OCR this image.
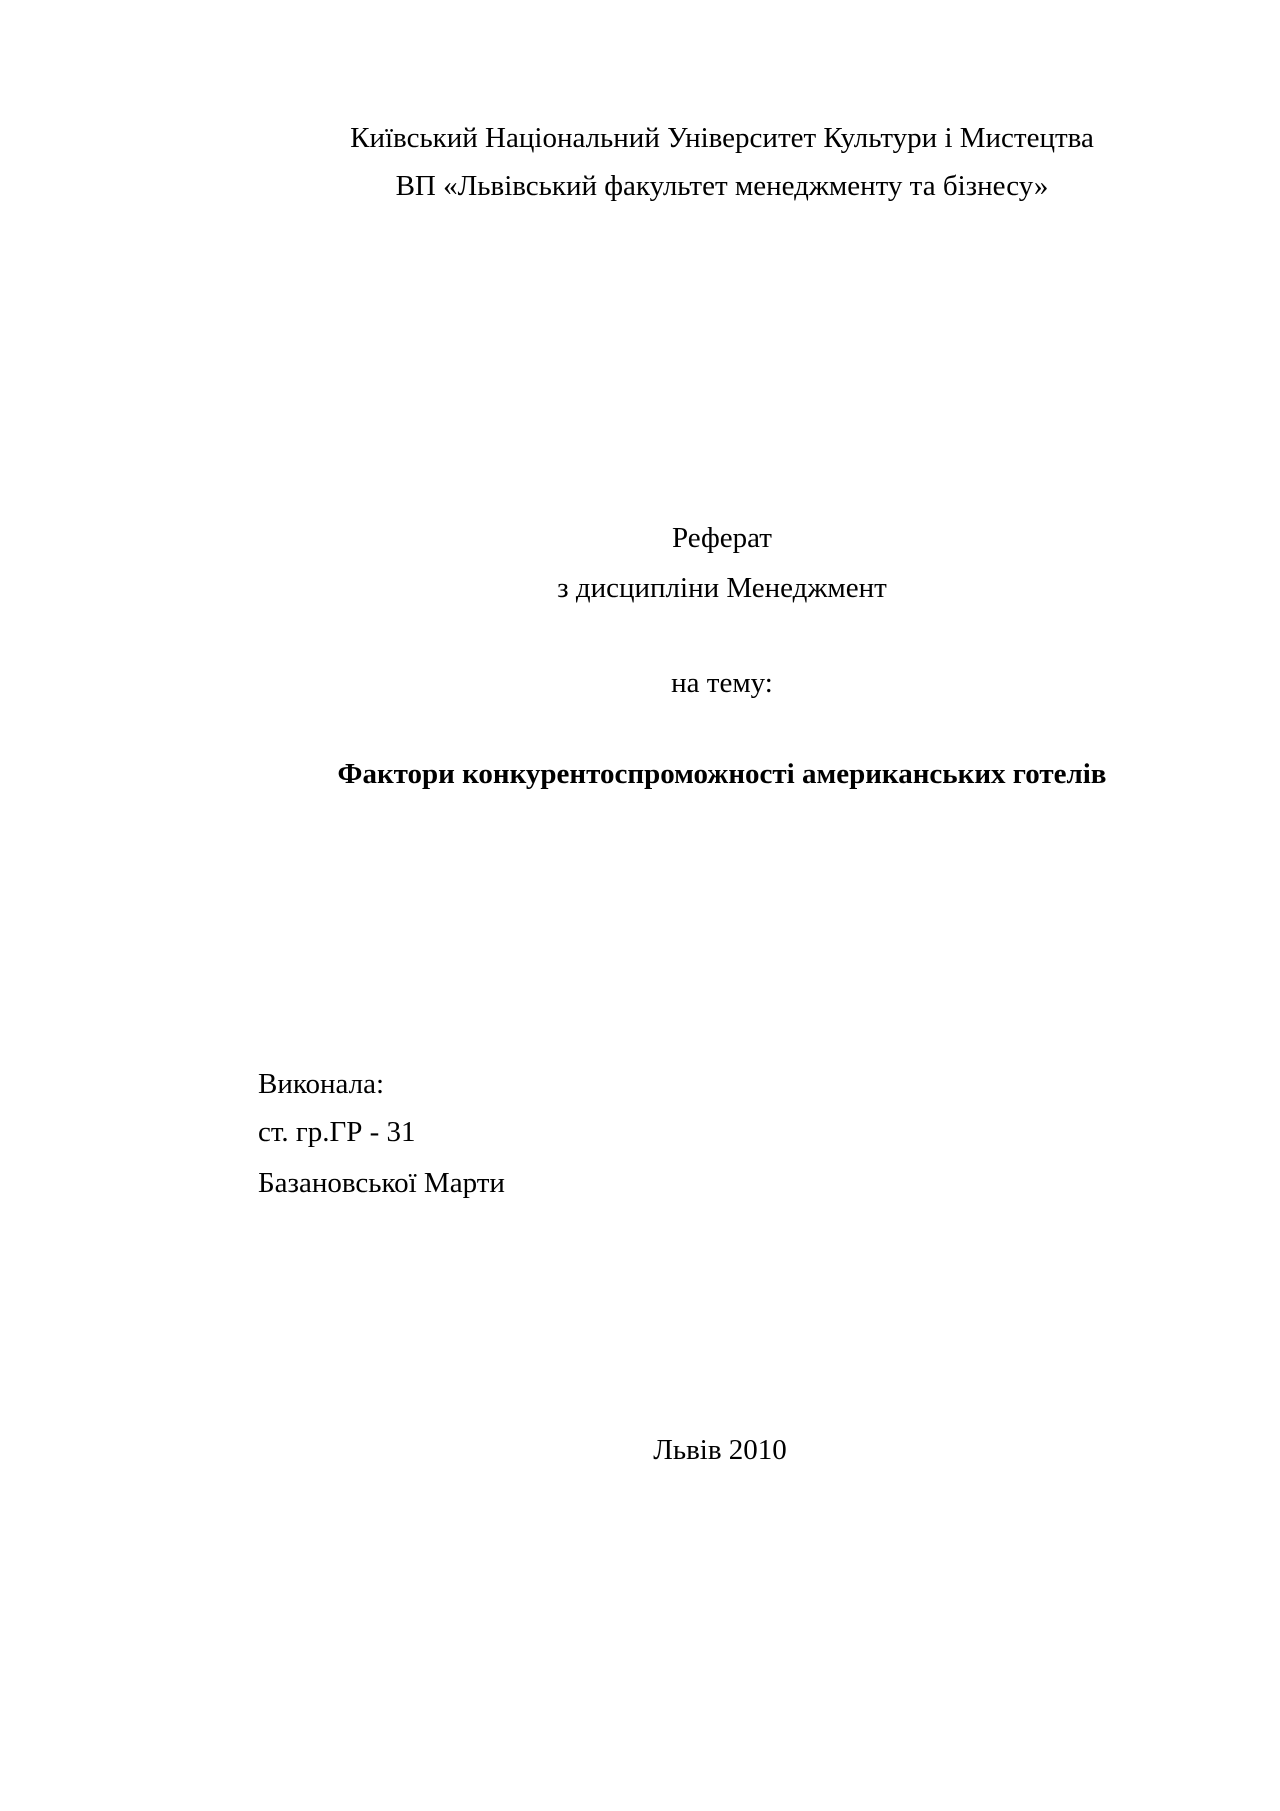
Київський Національний Університет Культури і Мистецтва
ВП «Львівський факультет менеджменту та бізнесу»
Реферат
з дисципліни Менеджмент
на тему:
Фактори конкурентоспроможності американських готелів
Виконала:
ст. гр.ГР - 31
Базановської Марти
Львів 2010
